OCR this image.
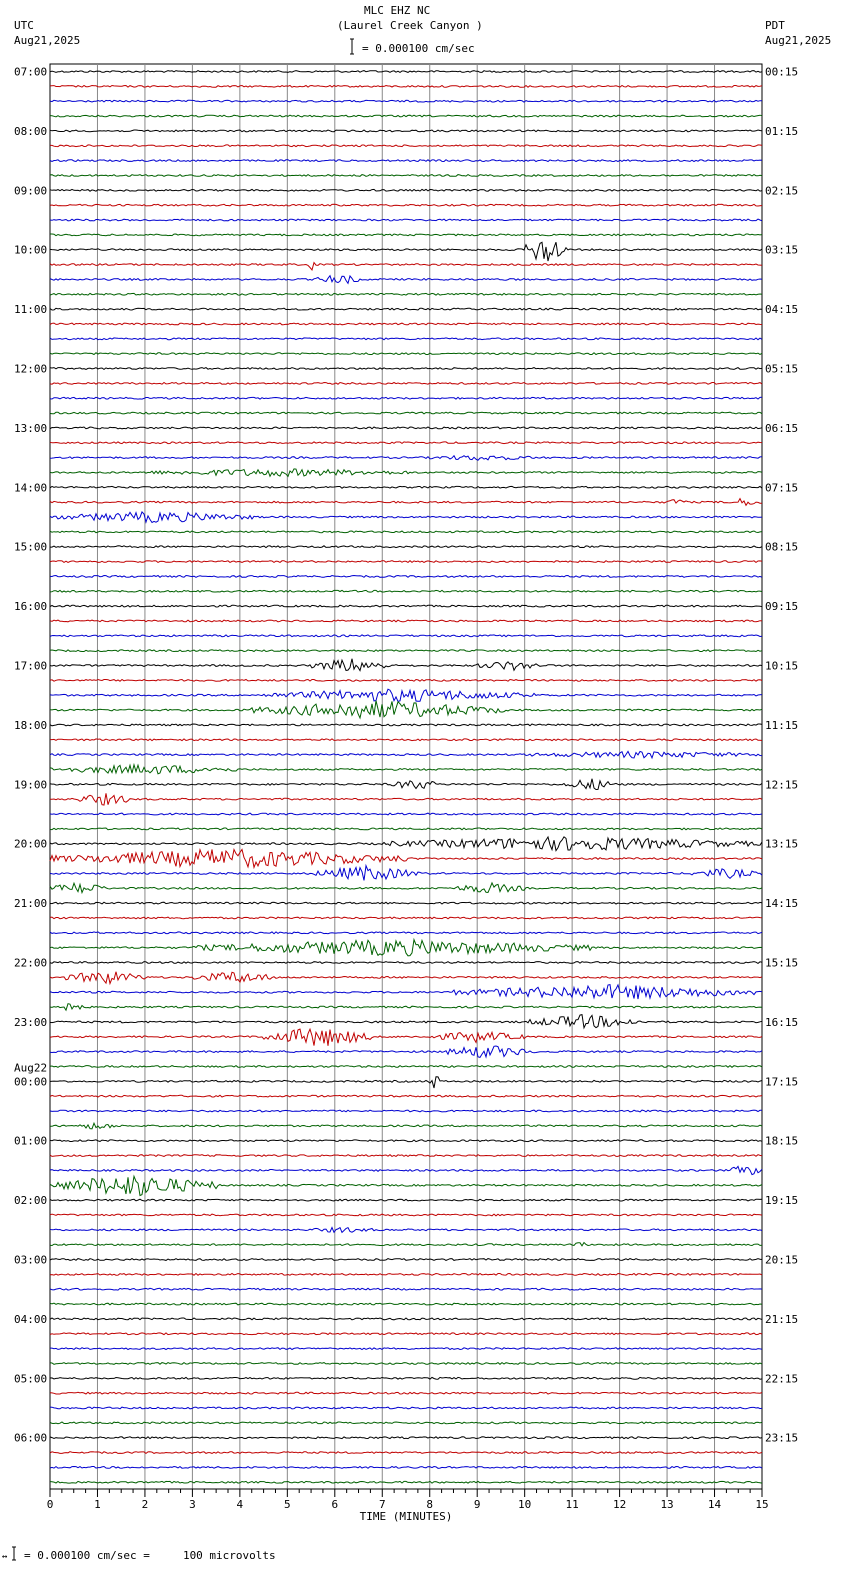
MLC EHZ NC
(Laurel Creek Canyon )
= 0.000100 cm/sec
UTC
Aug21,2025
PDT
Aug21,2025
= 0.000100 cm/sec =     100 microvolts
↔
07:00
08:00
09:00
10:00
11:00
12:00
13:00
14:00
15:00
16:00
17:00
18:00
19:00
20:00
21:00
22:00
23:00
00:00
Aug22
01:00
02:00
03:00
04:00
05:00
06:00
00:15
01:15
02:15
03:15
04:15
05:15
06:15
07:15
08:15
09:15
10:15
11:15
12:15
13:15
14:15
15:15
16:15
17:15
18:15
19:15
20:15
21:15
22:15
23:15
0	1	2	3	4	5	6	7	8	9	10	11	12	13	14	15
TIME (MINUTES)
